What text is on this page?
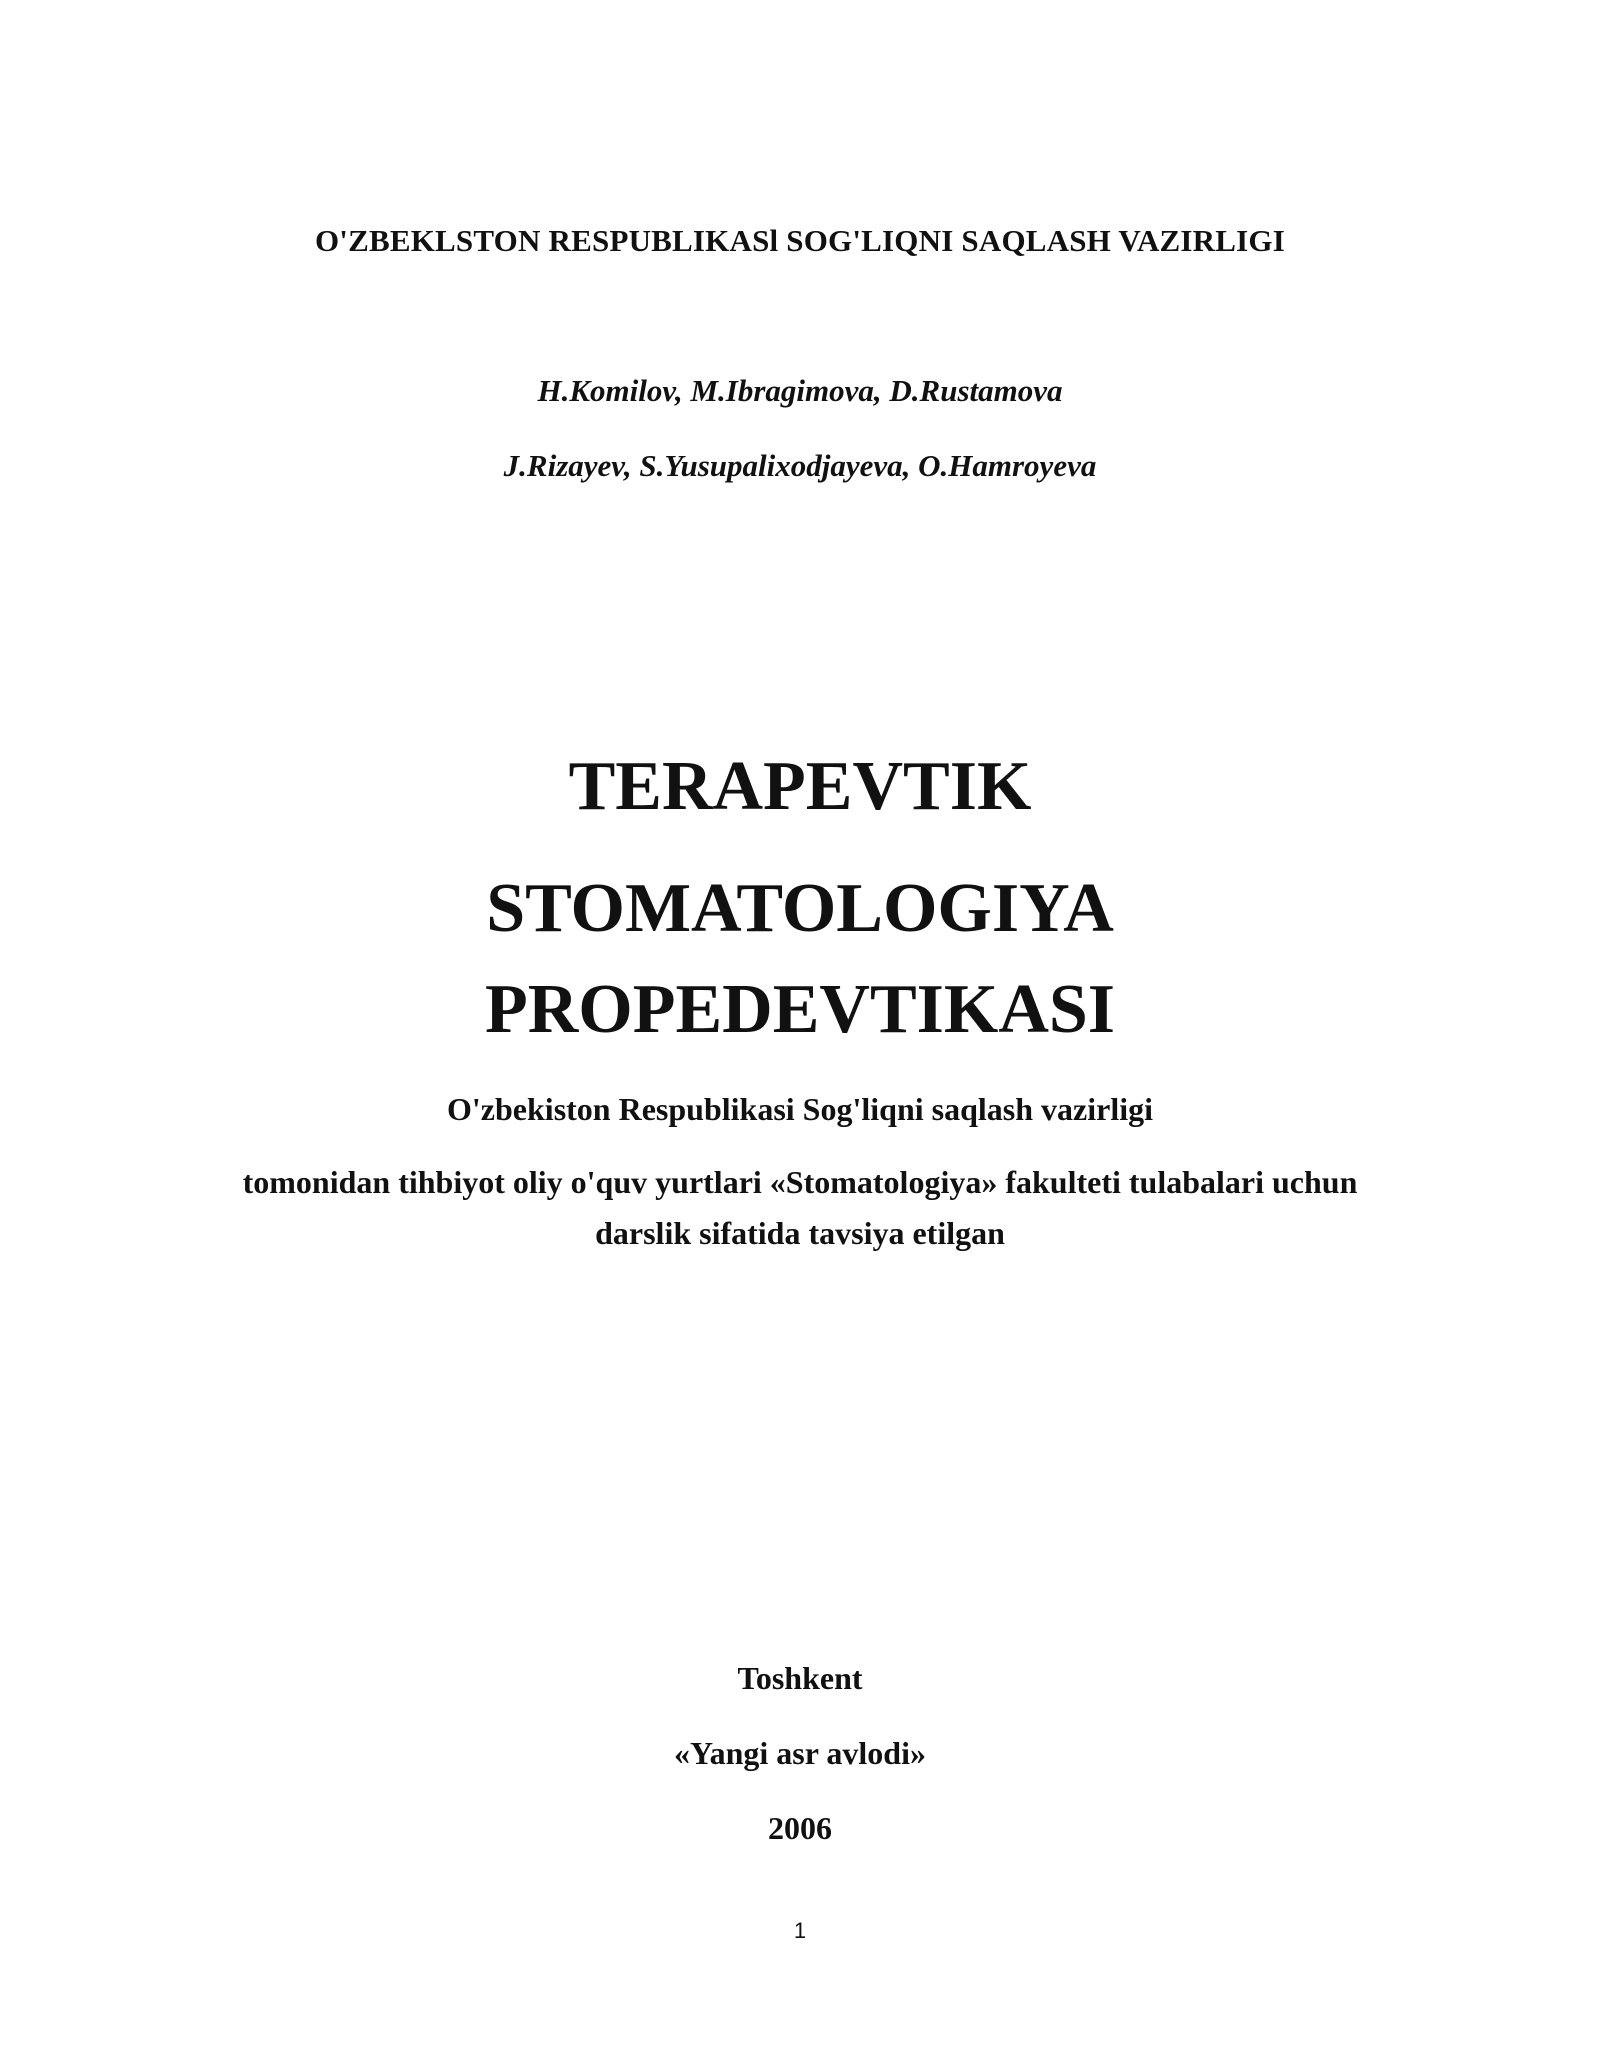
O'ZBEKLSTON RESPUBLIKASl SOG'LIQNI SAQLASH VAZIRLIGI

H.Komilov, M.Ibragimova, D.Rustamova

J.Rizayev, S.Yusupalixodjayeva, O.Hamroyeva

TERAPEVTIK
STOMATOLOGIYA
PROPEDEVTIKASI

O'zbekiston Respublikasi Sog'liqni saqlash vazirligi

tomonidan tihbiyot oliy o'quv yurtlari «Stomatologiya» fakulteti tulabalari uchun

darslik sifatida tavsiya etilgan

Toshkent

«Yangi asr avlodi»

2006

1
